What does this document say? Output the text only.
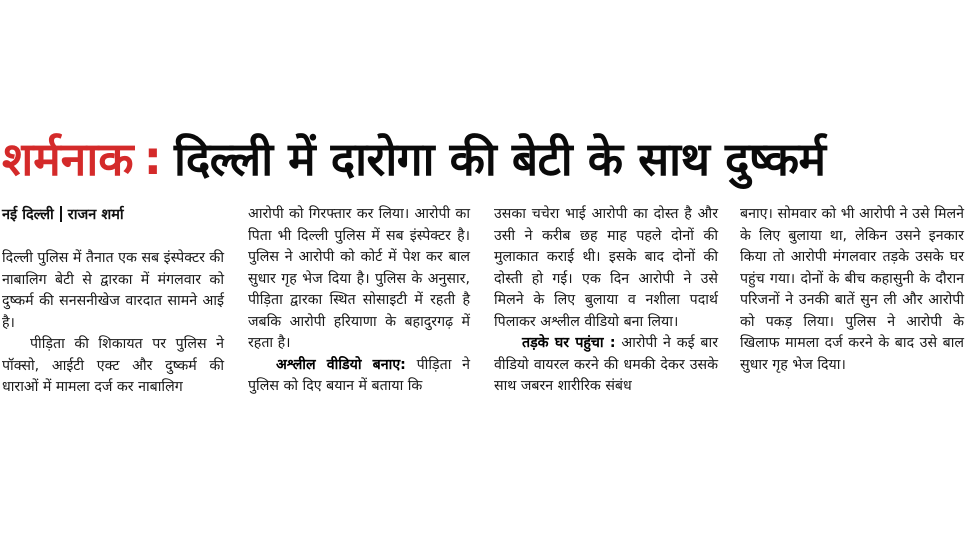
शर्मनाक : दिल्ली में दारोगा की बेटी के साथ दुष्कर्म
नई दिल्ली राजन शर्मा

दिल्ली पुलिस में तैनात एक सब इंस्पेक्टर की नाबालिग बेटी से द्वारका में मंगलवार को दुष्कर्म की सनसनीखेज वारदात सामने आई है।

पीड़िता की शिकायत पर पुलिस ने पॉक्सो, आईटी एक्ट और दुष्कर्म की धाराओं में मामला दर्ज कर नाबालिग

आरोपी को गिरफ्तार कर लिया। आरोपी का पिता भी दिल्ली पुलिस में सब इंस्पेक्टर है। पुलिस ने आरोपी को कोर्ट में पेश कर बाल सुधार गृह भेज दिया है। पुलिस के अनुसार, पीड़िता द्वारका स्थित सोसाइटी में रहती है जबकि आरोपी हरियाणा के बहादुरगढ़ में रहता है।

अश्लील वीडियो बनाए: पीड़िता ने पुलिस को दिए बयान में बताया कि

उसका चचेरा भाई आरोपी का दोस्त है और उसी ने करीब छह माह पहले दोनों की मुलाकात कराई थी। इसके बाद दोनों की दोस्ती हो गई। एक दिन आरोपी ने उसे मिलने के लिए बुलाया व नशीला पदार्थ पिलाकर अश्लील वीडियो बना लिया।

तड़के घर पहुंचा : आरोपी ने कई बार वीडियो वायरल करने की धमकी देकर उसके साथ जबरन शारीरिक संबंध

बनाए। सोमवार को भी आरोपी ने उसे मिलने के लिए बुलाया था, लेकिन उसने इनकार किया तो आरोपी मंगलवार तड़के उसके घर पहुंच गया। दोनों के बीच कहासुनी के दौरान परिजनों ने उनकी बातें सुन ली और आरोपी को पकड़ लिया। पुलिस ने आरोपी के खिलाफ मामला दर्ज करने के बाद उसे बाल सुधार गृह भेज दिया।
